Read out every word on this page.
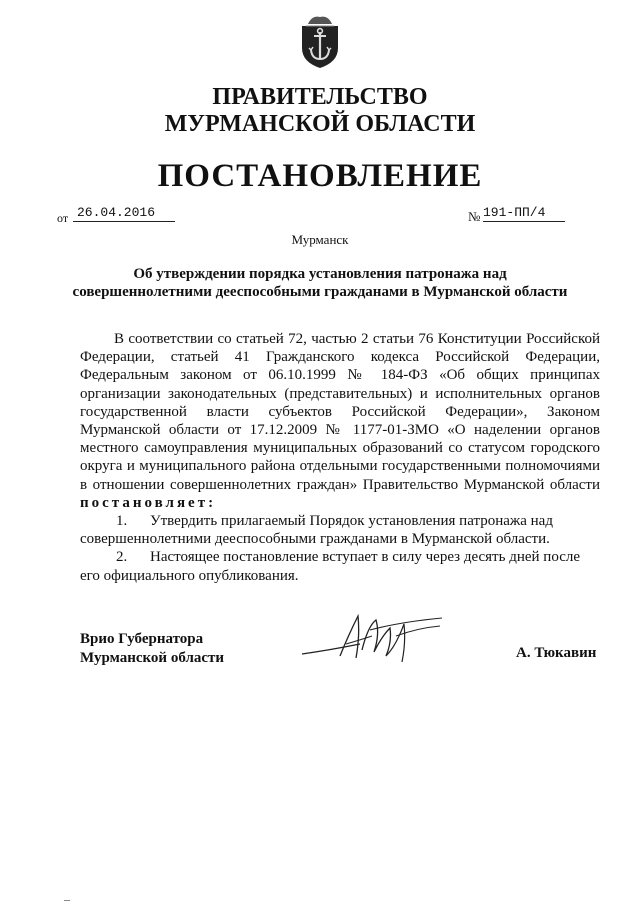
ПРАВИТЕЛЬСТВО
МУРМАНСКОЙ ОБЛАСТИ
ПОСТАНОВЛЕНИЕ
от 26.04.2016	№ 191-ПП/4
Мурманск
Об утверждении порядка установления патронажа над
совершеннолетними дееспособными гражданами в Мурманской области

В соответствии со статьей 72, частью 2 статьи 76 Конституции Российской Федерации, статьей 41 Гражданского кодекса Российской Федерации, Федеральным законом от 06.10.1999 № 184-ФЗ «Об общих принципах организации законодательных (представительных) и исполнительных органов государственной власти субъектов Российской Федерации», Законом Мурманской области от 17.12.2009 № 1177-01-ЗМО «О наделении органов местного самоуправления муниципальных образований со статусом городского округа и муниципального района отдельными государственными полномочиями в отношении совершеннолетних граждан» Правительство Мурманской области постановляет:

1.	Утвердить прилагаемый Порядок установления патронажа над

совершеннолетними дееспособными гражданами в Мурманской области.

2.	Настоящее постановление вступает в силу через десять дней после

его официального опубликования.

Врио Губернатора
Мурманской области	А. Тюкавин
